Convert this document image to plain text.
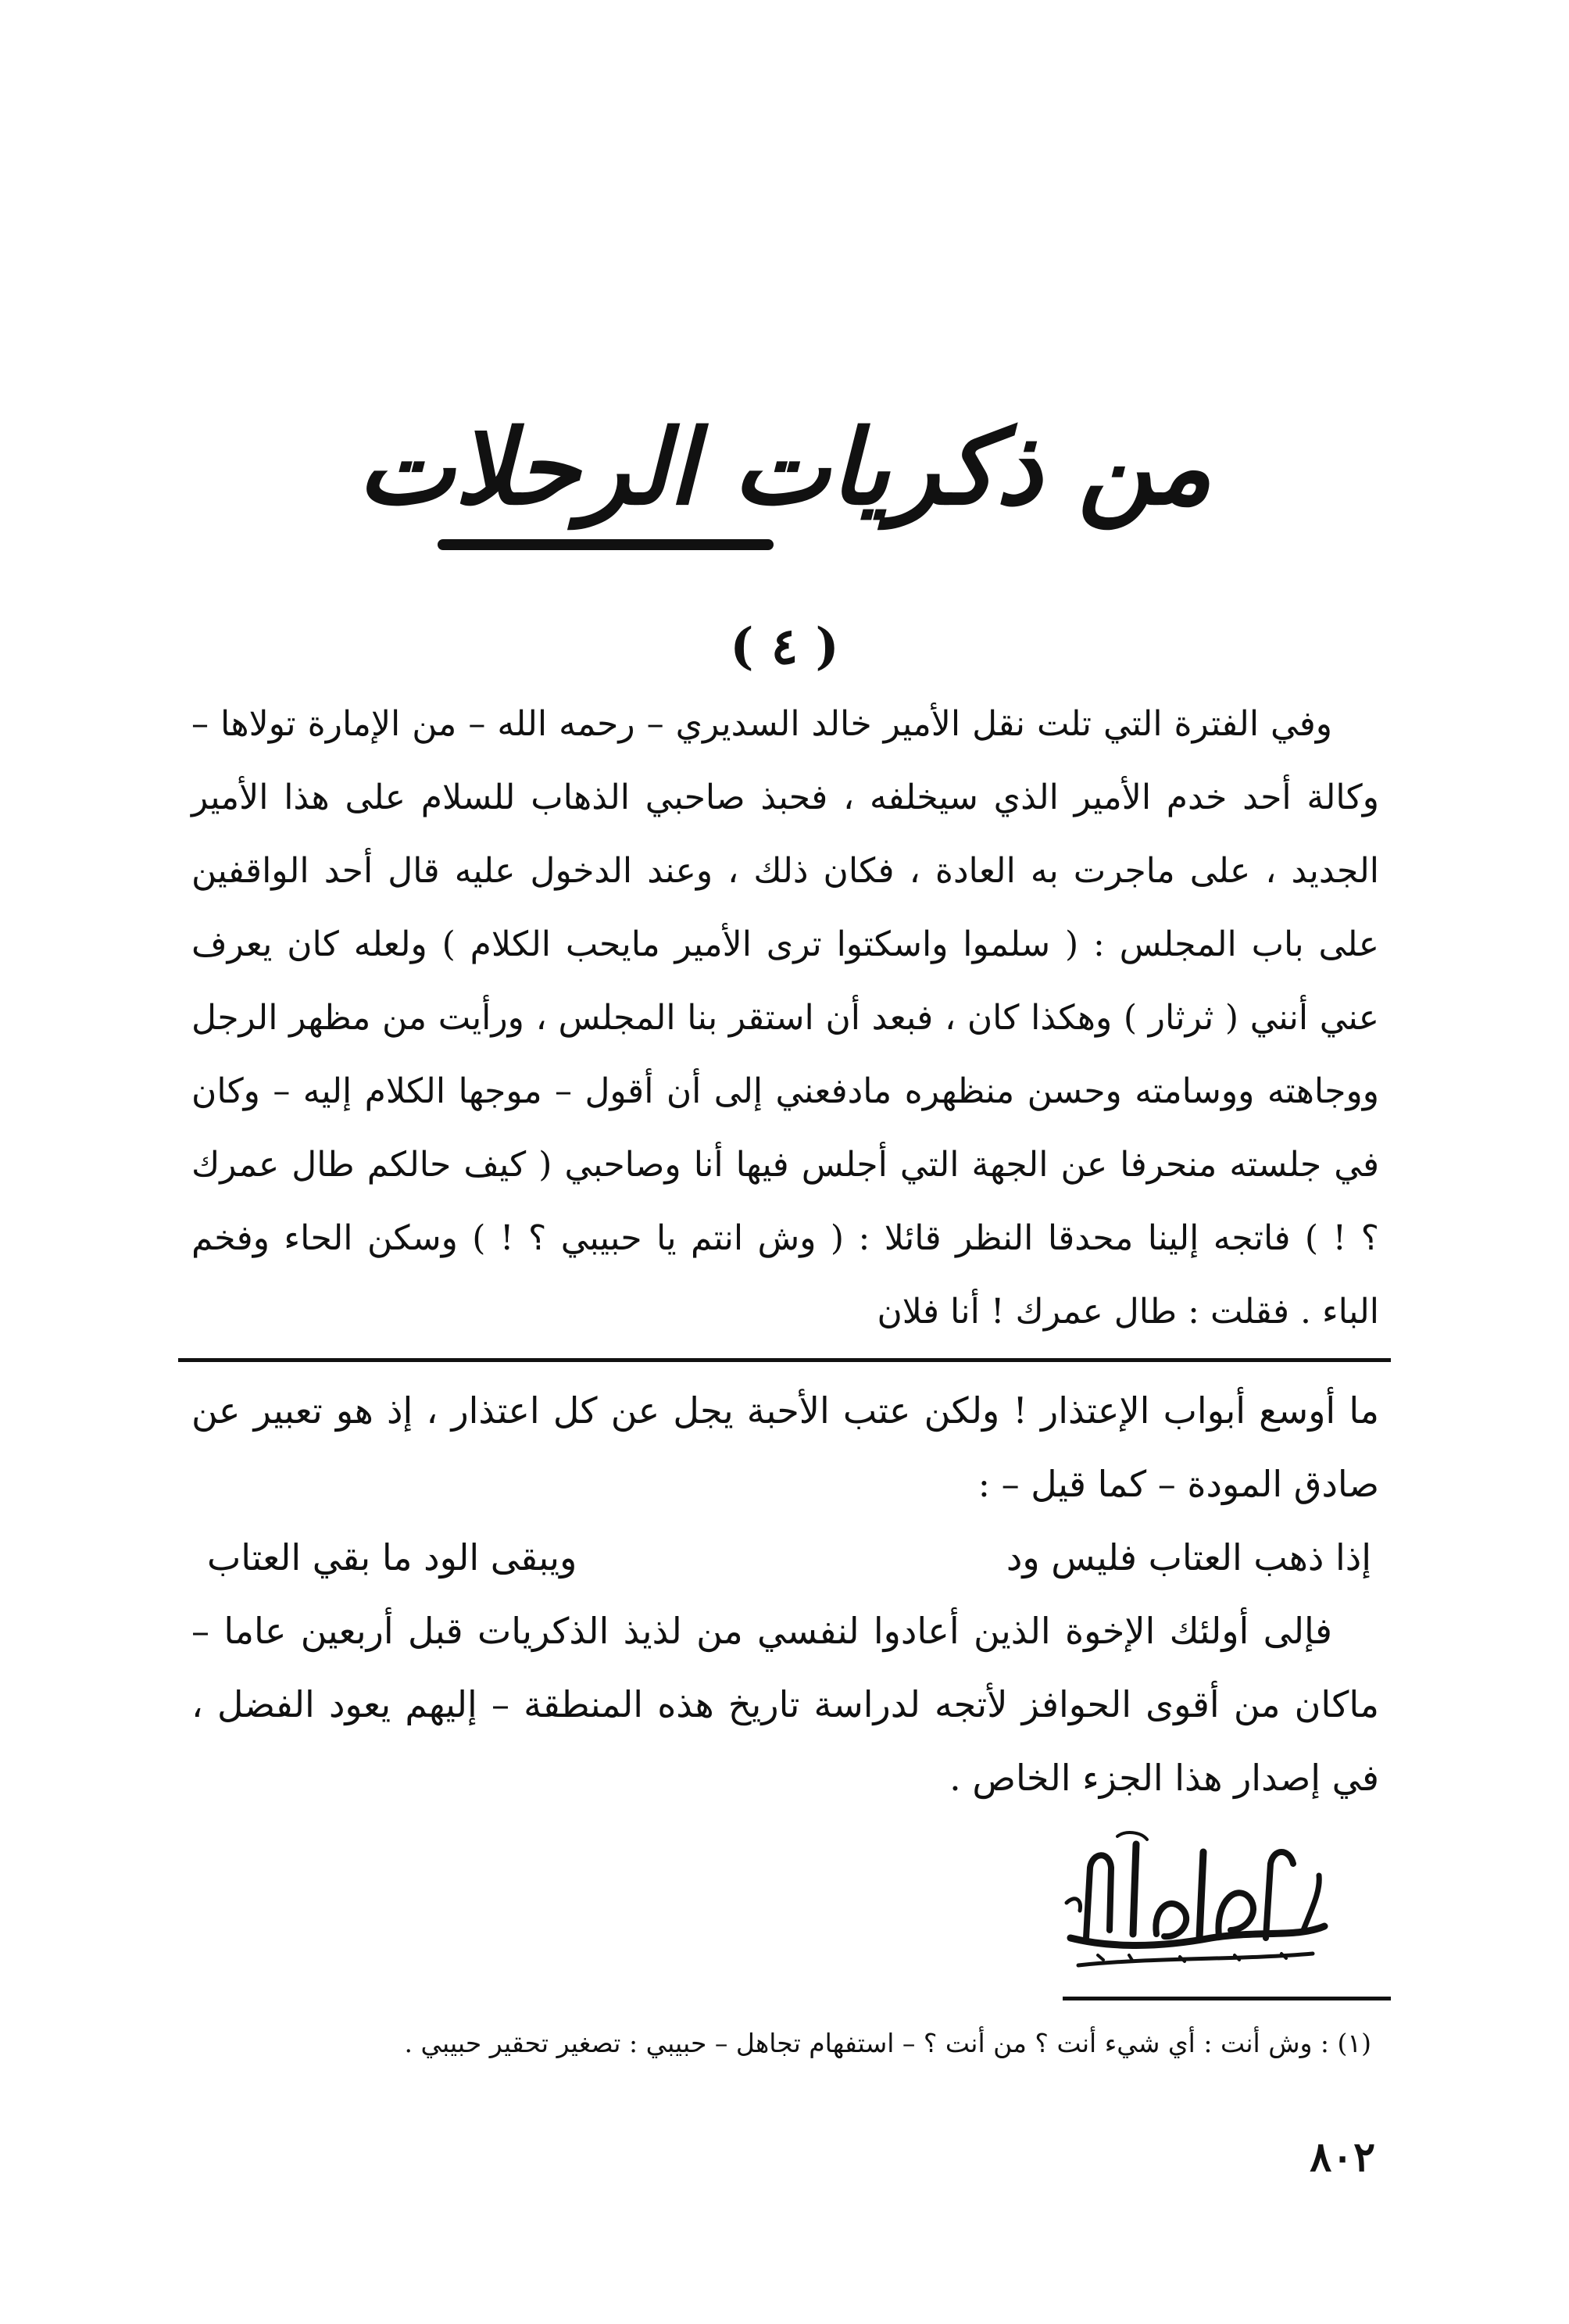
من ذكريات الرحلات
( ٤ )

وفي الفترة التي تلت نقل الأمير خالد السديري – رحمه الله – من الإمارة تولاها – وكالة أحد خدم الأمير الذي سيخلفه ، فحبذ صاحبي الذهاب للسلام على هذا الأمير الجديد ، على ماجرت به العادة ، فكان ذلك ، وعند الدخول عليه قال أحد الواقفين على باب المجلس : ( سلموا واسكتوا ترى الأمير مايحب الكلام ) ولعله كان يعرف عني أنني ( ثرثار ) وهكذا كان ، فبعد أن استقر بنا المجلس ، ورأيت من مظهر الرجل ووجاهته ووسامته وحسن منظهره مادفعني إلى أن أقول – موجها الكلام إليه – وكان في جلسته منحرفا عن الجهة التي أجلس فيها أنا وصاحبي ( كيف حالكم طال عمرك ؟ ! ) فاتجه إلينا محدقا النظر قائلا : ( وش انتم يا حبيبي ؟ ! ) وسكن الحاء وفخم الباء . فقلت : طال عمرك ! أنا فلان

ما أوسع أبواب الإعتذار ! ولكن عتب الأحبة يجل عن كل اعتذار ، إذ هو تعبير عن صادق المودة – كما قيل – :

إذا ذهب العتاب فليس ود
ويبقى الود ما بقي العتاب

فإلى أولئك الإخوة الذين أعادوا لنفسي من لذيذ الذكريات قبل أربعين عاما – ماكان من أقوى الحوافز لأتجه لدراسة تاريخ هذه المنطقة – إليهم يعود الفضل ، في إصدار هذا الجزء الخاص .

(١) : وش أنت : أي شيء أنت ؟ من أنت ؟ – استفهام تجاهل – حبيبي : تصغير تحقير حبيبي .
٨٠٢
